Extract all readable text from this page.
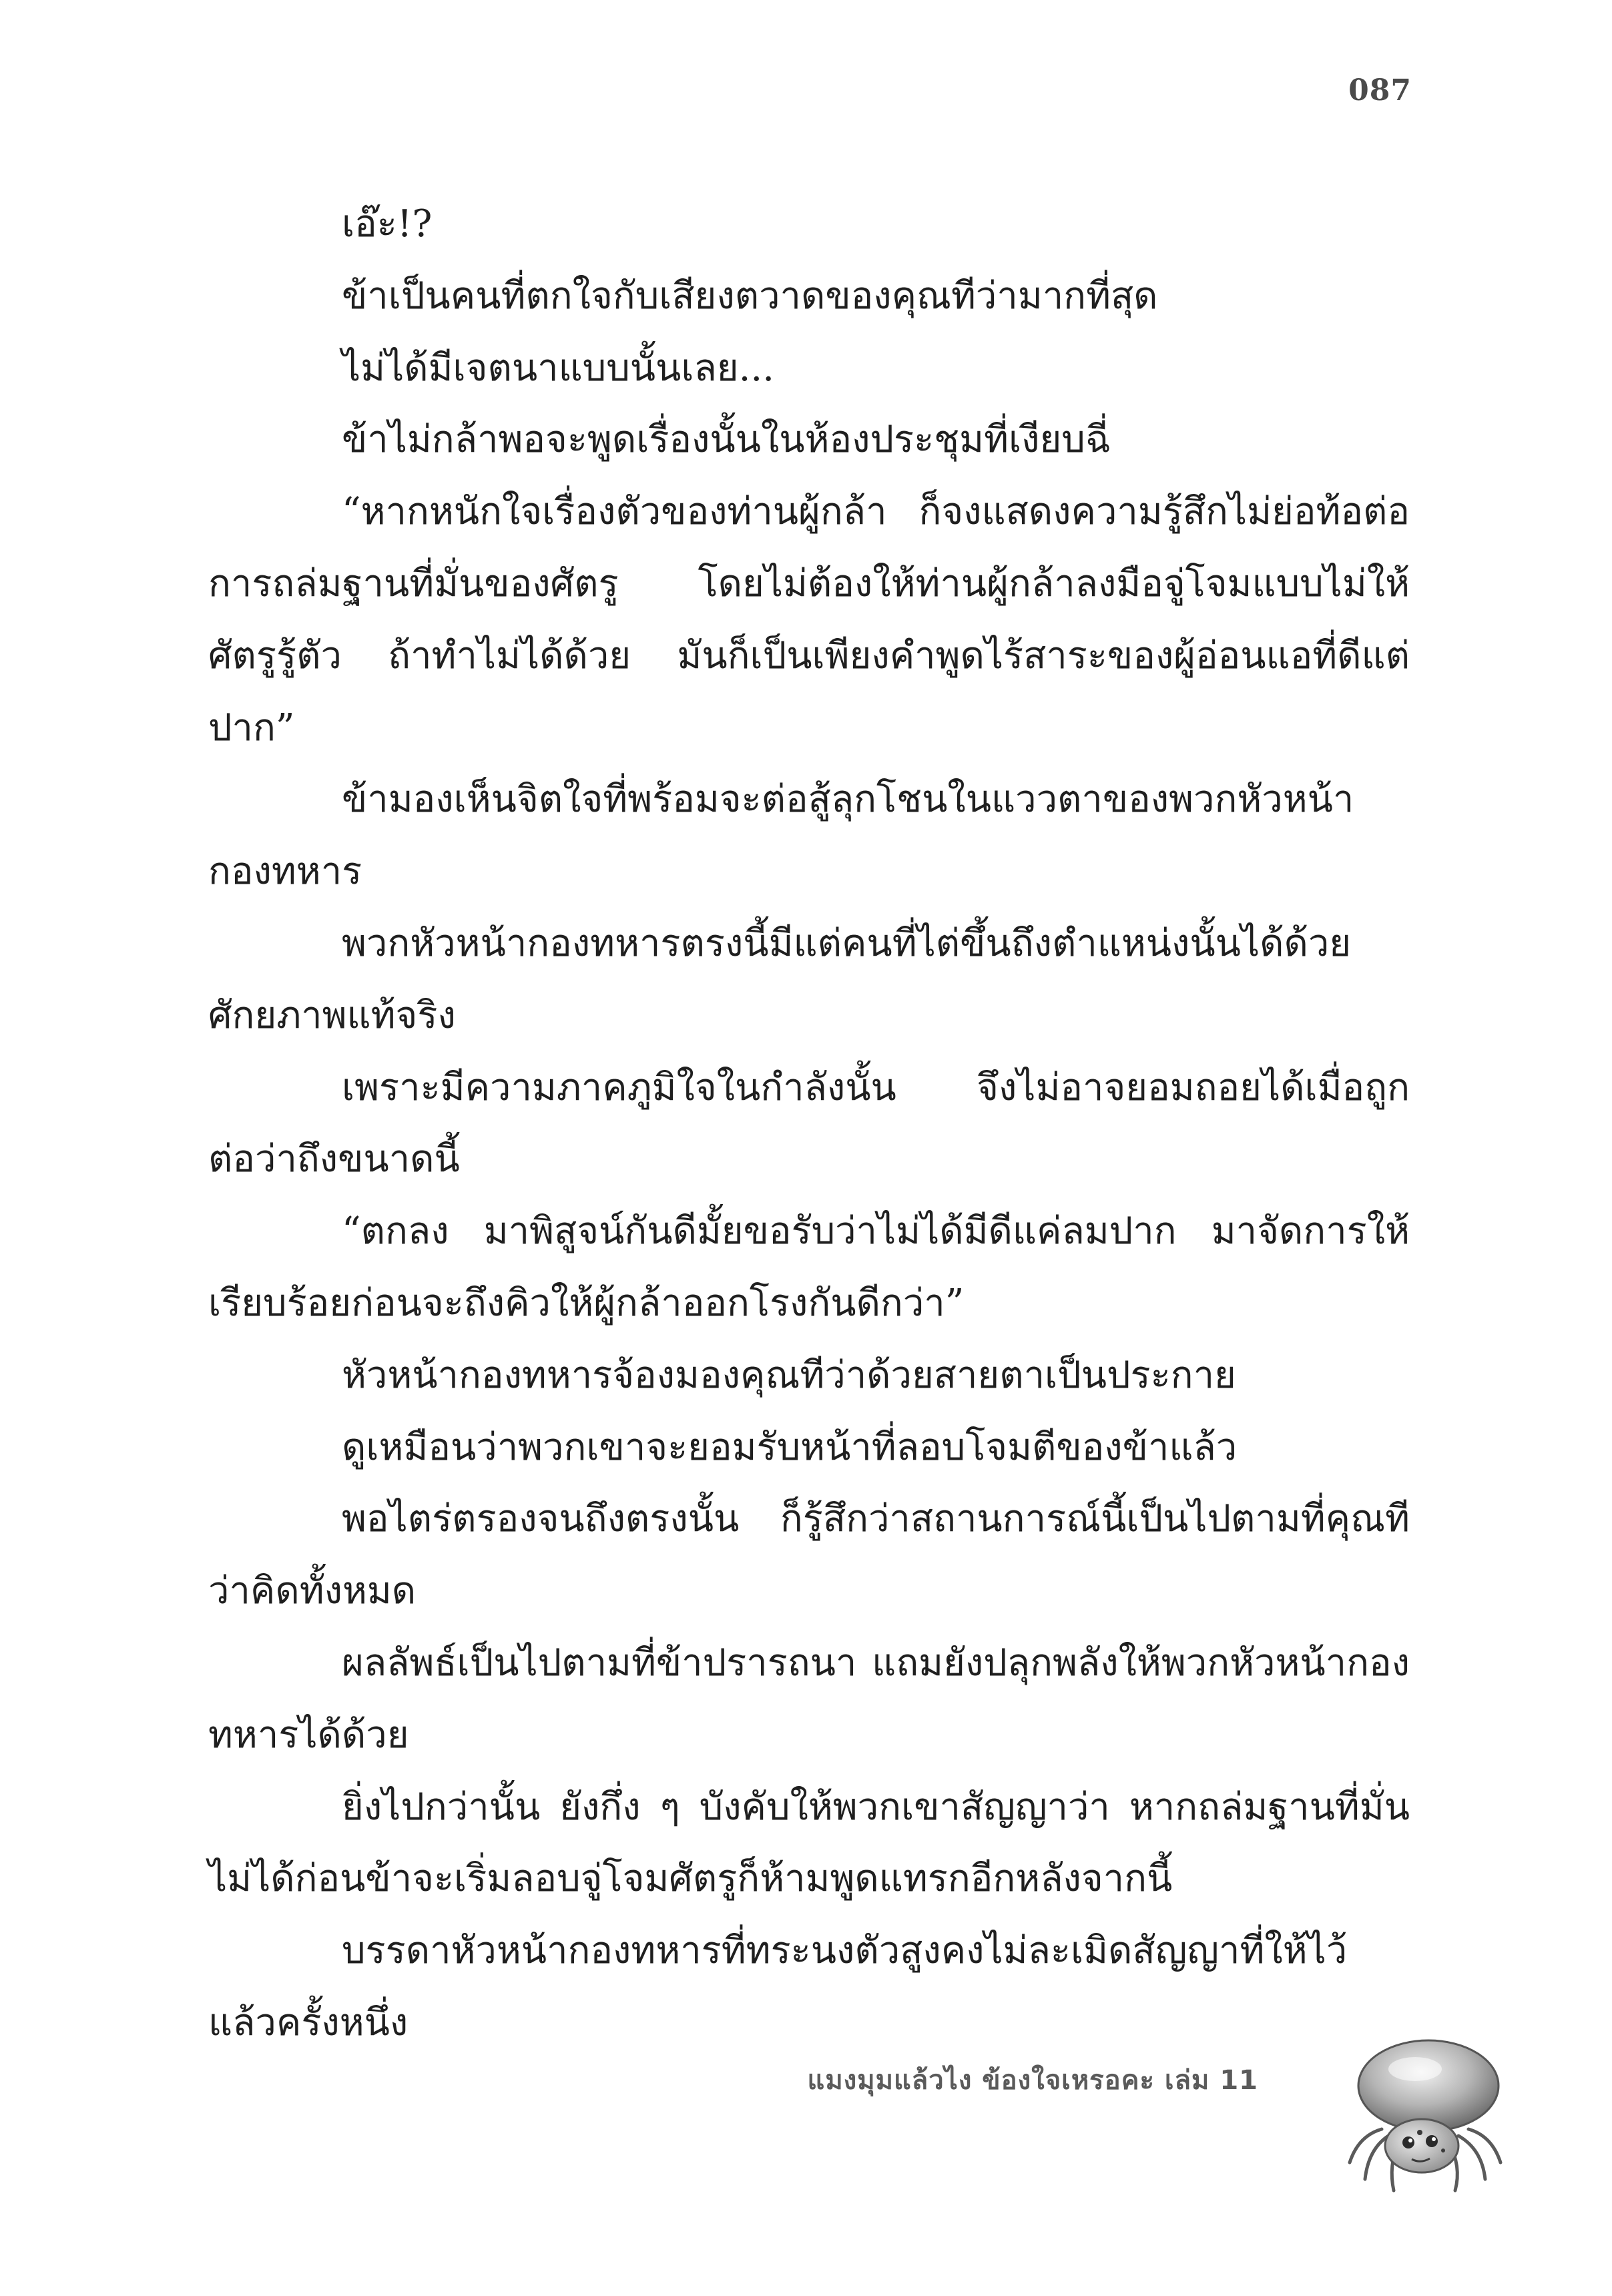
087

เอ๊ะ!?

ข้าเป็นคนที่ตกใจกับเสียงตวาดของคุณทีว่ามากที่สุด

ไม่ได้มีเจตนาแบบนั้นเลย...

ข้าไม่กล้าพอจะพูดเรื่องนั้นในห้องประชุมที่เงียบฉี่

“หากหนักใจเรื่องตัวของท่านผู้กล้า ก็จงแสดงความรู้สึกไม่ย่อท้อต่อการถล่มฐานที่มั่นของศัตรู โดยไม่ต้องให้ท่านผู้กล้าลงมือจู่โจมแบบไม่ให้ศัตรูรู้ตัว ถ้าทำไม่ได้ด้วย มันก็เป็นเพียงคำพูดไร้สาระของผู้อ่อนแอที่ดีแต่ปาก”

ข้ามองเห็นจิตใจที่พร้อมจะต่อสู้ลุกโชนในแววตาของพวกหัวหน้ากองทหาร

พวกหัวหน้ากองทหารตรงนี้มีแต่คนที่ไต่ขึ้นถึงตำแหน่งนั้นได้ด้วยศักยภาพแท้จริง

เพราะมีความภาคภูมิใจในกำลังนั้น จึงไม่อาจยอมถอยได้เมื่อถูกต่อว่าถึงขนาดนี้

“ตกลง มาพิสูจน์กันดีมั้ยขอรับว่าไม่ได้มีดีแค่ลมปาก มาจัดการให้เรียบร้อยก่อนจะถึงคิวให้ผู้กล้าออกโรงกันดีกว่า”

หัวหน้ากองทหารจ้องมองคุณทีว่าด้วยสายตาเป็นประกาย

ดูเหมือนว่าพวกเขาจะยอมรับหน้าที่ลอบโจมตีของข้าแล้ว

พอไตร่ตรองจนถึงตรงนั้น ก็รู้สึกว่าสถานการณ์นี้เป็นไปตามที่คุณทีว่าคิดทั้งหมด

ผลลัพธ์เป็นไปตามที่ข้าปรารถนา แถมยังปลุกพลังให้พวกหัวหน้ากองทหารได้ด้วย

ยิ่งไปกว่านั้น ยังกึ่ง ๆ บังคับให้พวกเขาสัญญาว่า หากถล่มฐานที่มั่นไม่ได้ก่อนข้าจะเริ่มลอบจู่โจมศัตรูก็ห้ามพูดแทรกอีกหลังจากนี้

บรรดาหัวหน้ากองทหารที่ทระนงตัวสูงคงไม่ละเมิดสัญญาที่ให้ไว้แล้วครั้งหนึ่ง

แมงมุมแล้วไง ข้องใจเหรอคะ เล่ม 11
